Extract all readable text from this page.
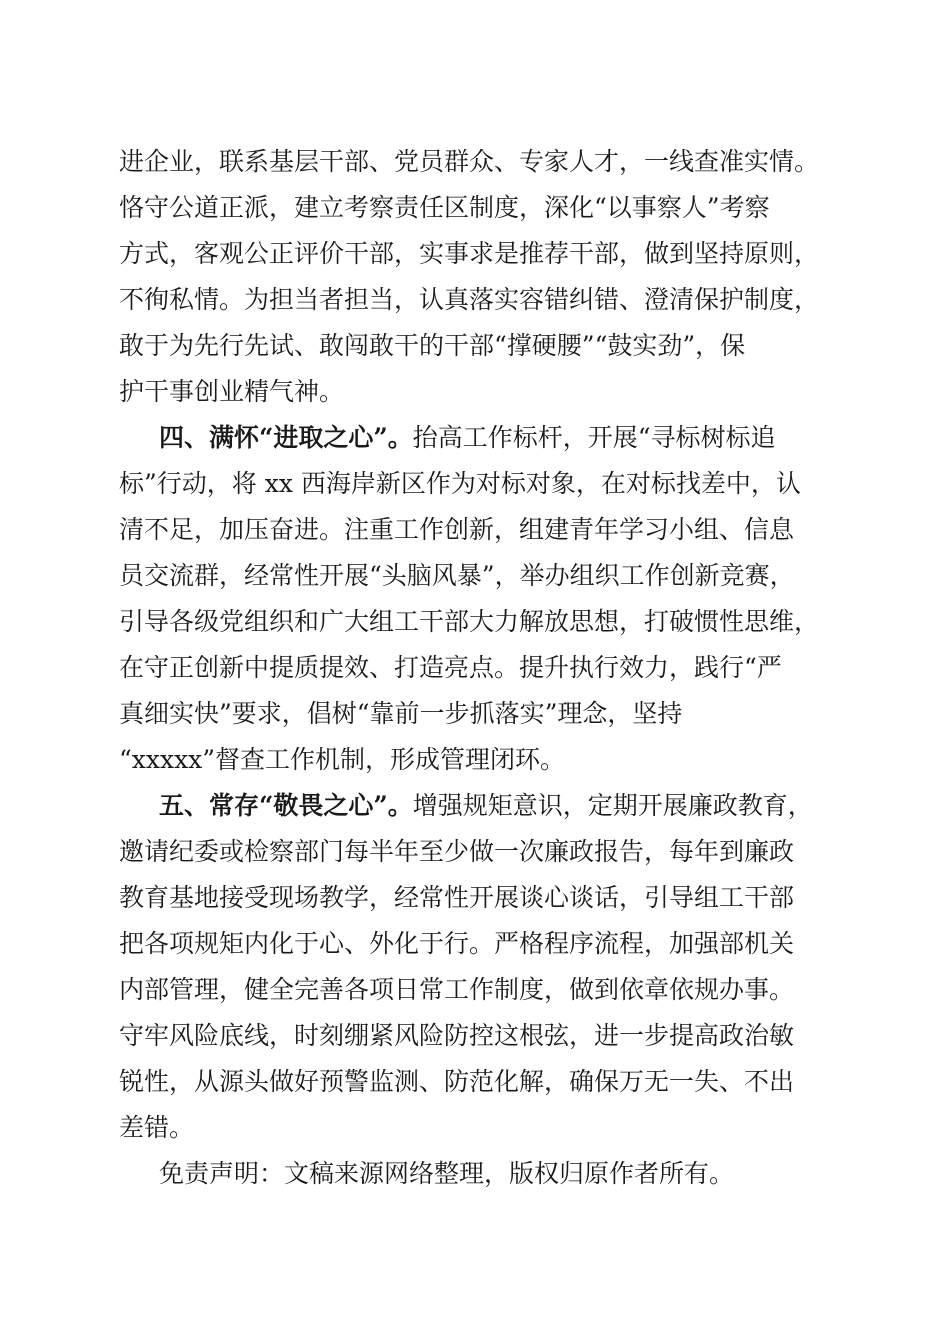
进企业，联系基层干部、党员群众、专家人才，一线查准实情。
恪守公道正派，建立考察责任区制度，深化“以事察人”考察
方式，客观公正评价干部，实事求是推荐干部，做到坚持原则，
不徇私情。为担当者担当，认真落实容错纠错、澄清保护制度，
敢于为先行先试、敢闯敢干的干部“撑硬腰”“鼓实劲”，保
护干事创业精气神。
四、满怀“进取之心”。抬高工作标杆，开展“寻标树标追
标”行动，将 xx 西海岸新区作为对标对象，在对标找差中，认
清不足，加压奋进。注重工作创新，组建青年学习小组、信息
员交流群，经常性开展“头脑风暴”，举办组织工作创新竞赛，
引导各级党组织和广大组工干部大力解放思想，打破惯性思维，
在守正创新中提质提效、打造亮点。提升执行效力，践行“严
真细实快”要求，倡树“靠前一步抓落实”理念，坚持
“xxxxx”督查工作机制，形成管理闭环。
五、常存“敬畏之心”。增强规矩意识，定期开展廉政教育，
邀请纪委或检察部门每半年至少做一次廉政报告，每年到廉政
教育基地接受现场教学，经常性开展谈心谈话，引导组工干部
把各项规矩内化于心、外化于行。严格程序流程，加强部机关
内部管理，健全完善各项日常工作制度，做到依章依规办事。
守牢风险底线，时刻绷紧风险防控这根弦，进一步提高政治敏
锐性，从源头做好预警监测、防范化解，确保万无一失、不出
差错。
免责声明：文稿来源网络整理，版权归原作者所有。
